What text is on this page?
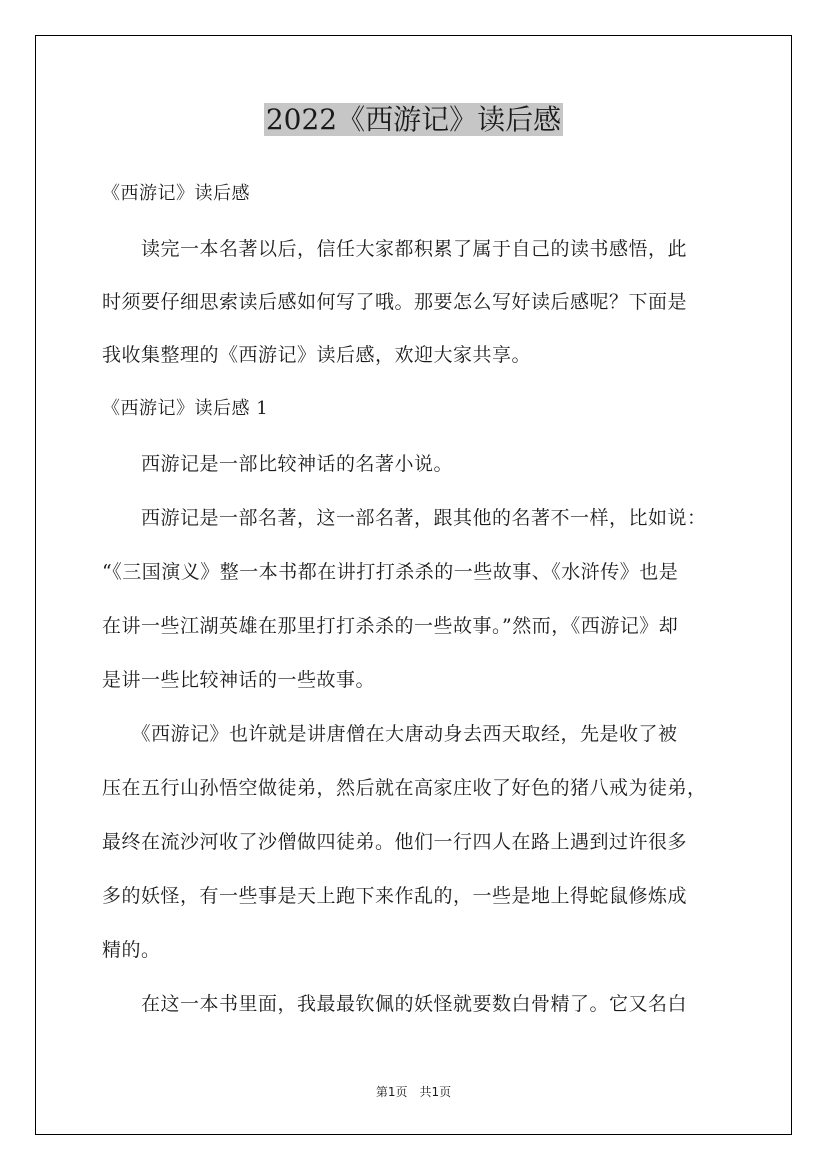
2022《西游记》读后感
《西游记》读后感
　　读完一本名著以后，信任大家都积累了属于自己的读书感悟，此
时须要仔细思索读后感如何写了哦。那要怎么写好读后感呢？下面是
我收集整理的《西游记》读后感，欢迎大家共享。
《西游记》读后感 1
　　西游记是一部比较神话的名著小说。
　　西游记是一部名著，这一部名著，跟其他的名著不一样，比如说：
“《三国演义》整一本书都在讲打打杀杀的一些故事、《水浒传》也是
在讲一些江湖英雄在那里打打杀杀的一些故事。”然而，《西游记》却
是讲一些比较神话的一些故事。
　　《西游记》也许就是讲唐僧在大唐动身去西天取经，先是收了被
压在五行山孙悟空做徒弟，然后就在高家庄收了好色的猪八戒为徒弟，
最终在流沙河收了沙僧做四徒弟。他们一行四人在路上遇到过许很多
多的妖怪，有一些事是天上跑下来作乱的，一些是地上得蛇鼠修炼成
精的。
　　在这一本书里面，我最最钦佩的妖怪就要数白骨精了。它又名白
第1页　共1页
